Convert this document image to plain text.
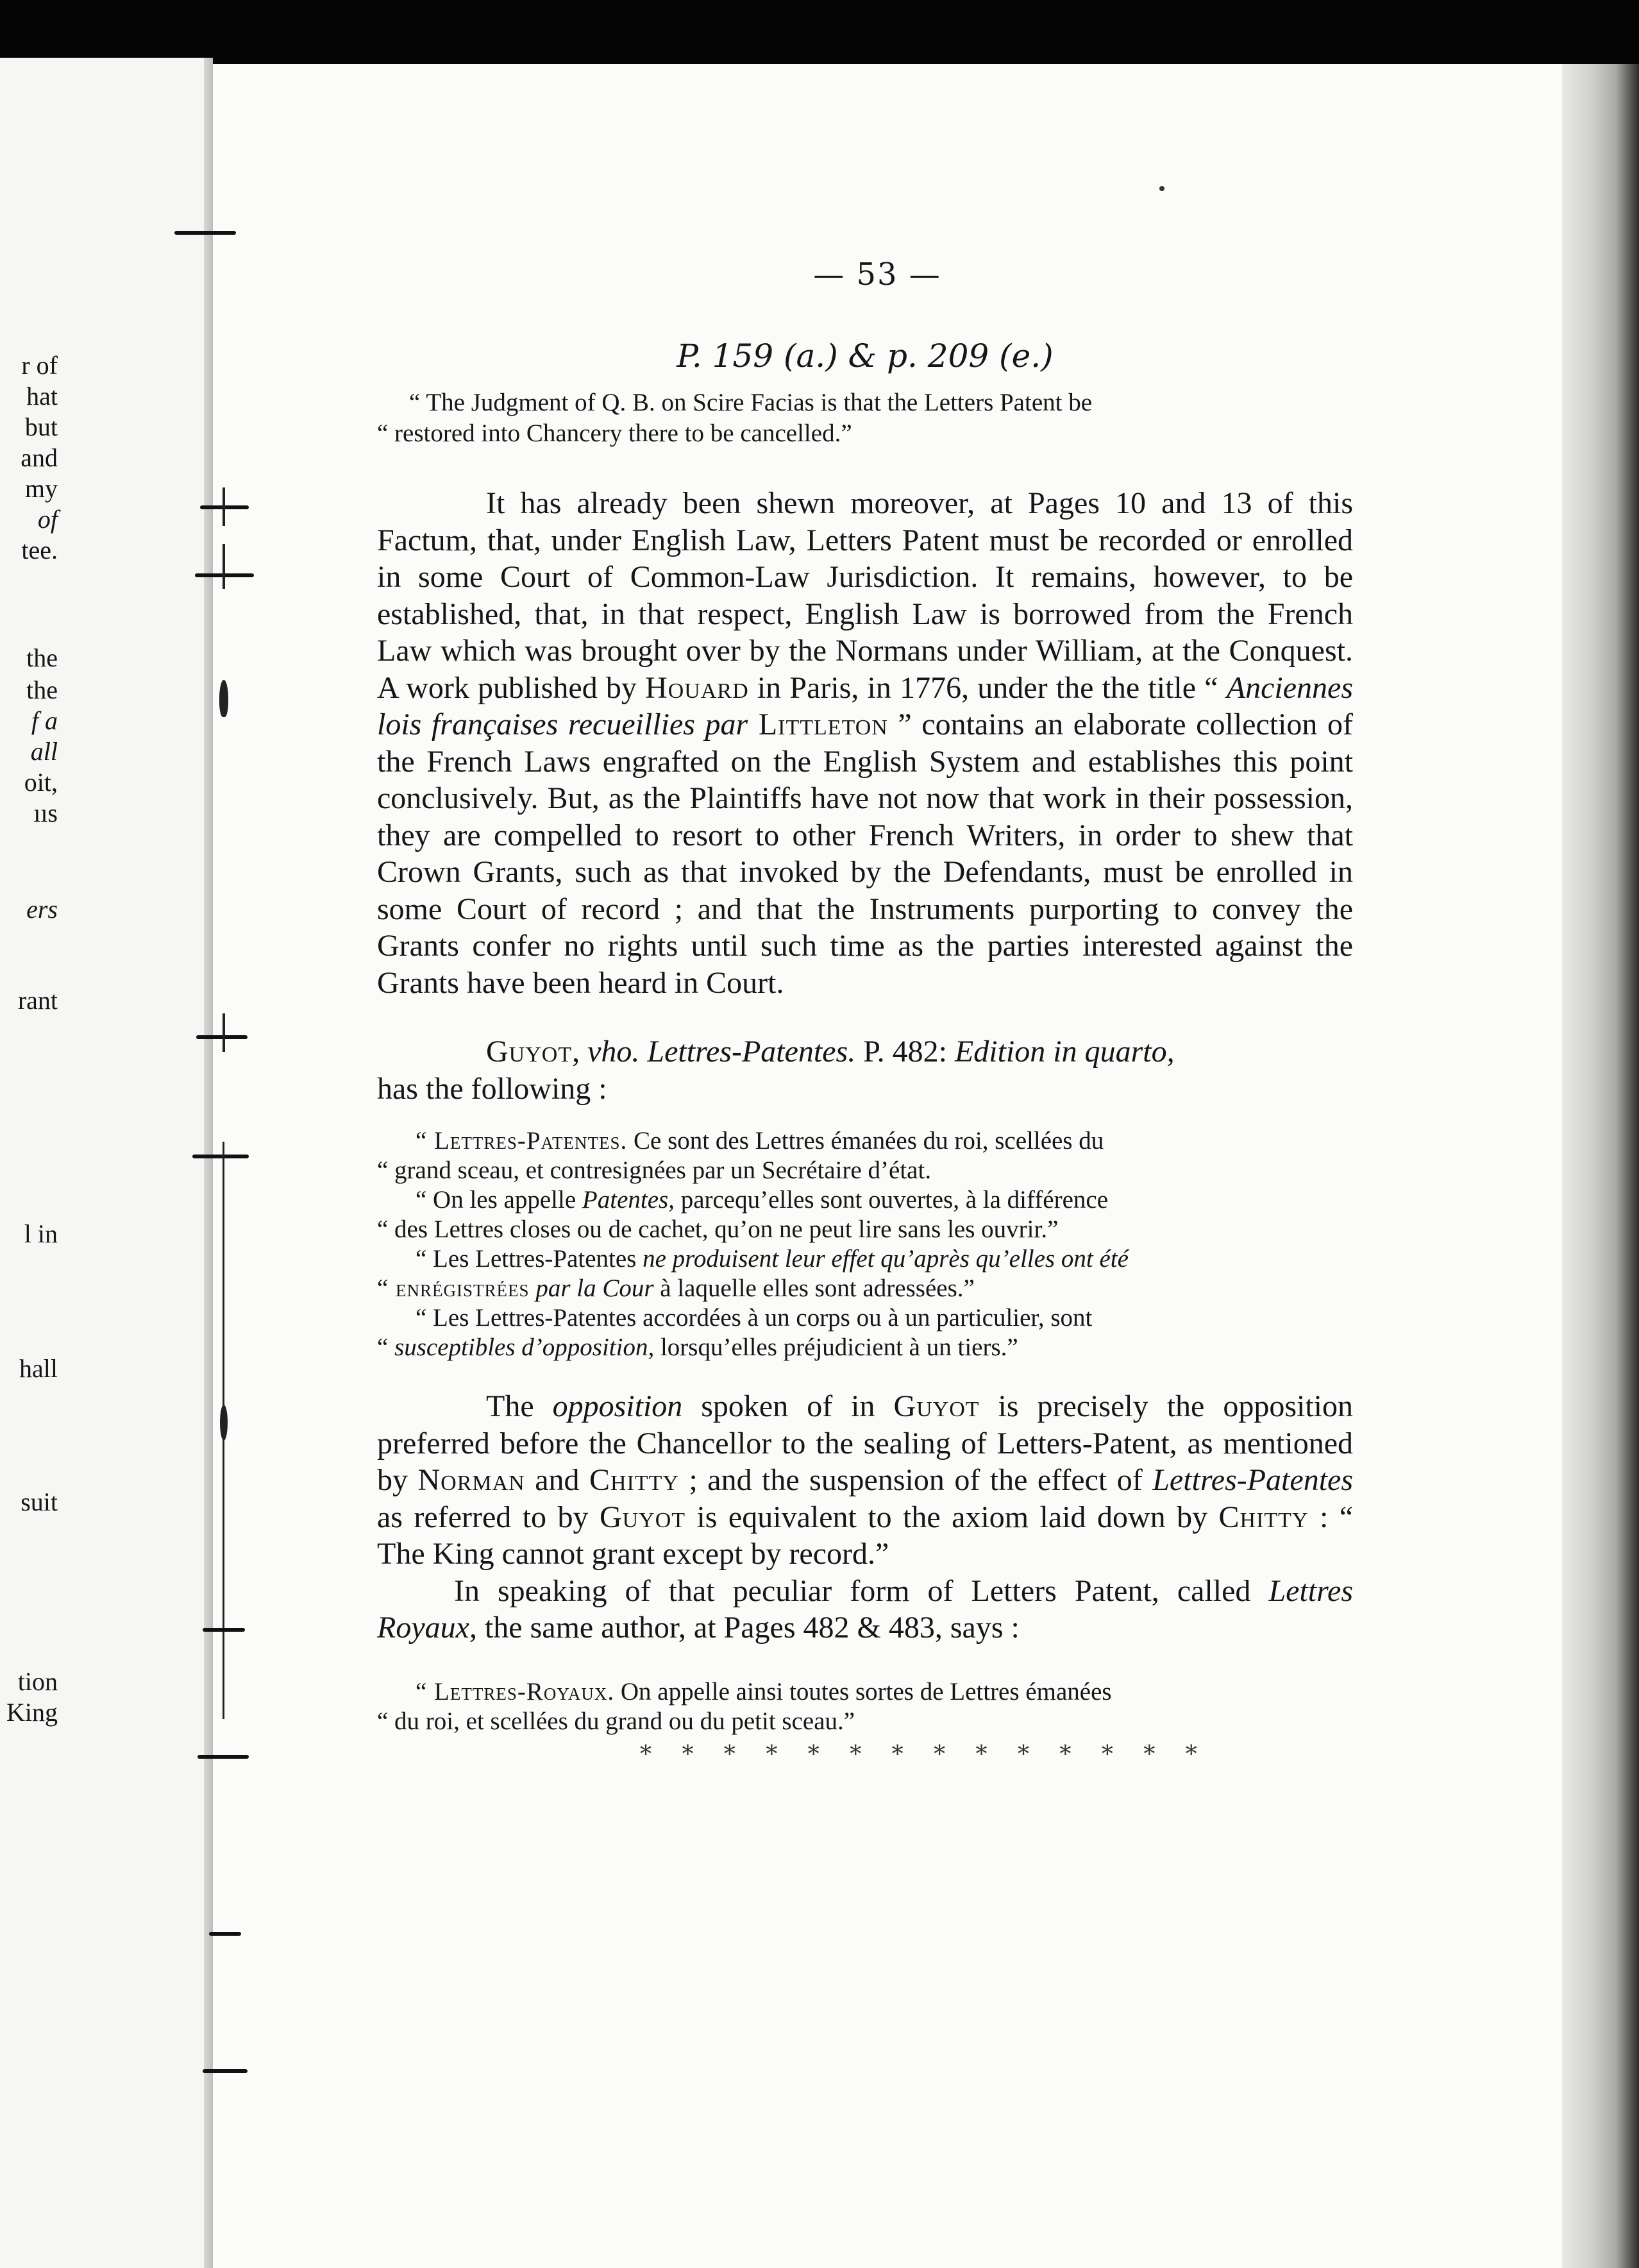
r of
hat
but
and
my
of
tee.
the
the
f a
all
oit,
ııs
ers
rant
l in
hall
suit
tion
King
— 53 —
P. 159 (a.) & p. 209 (e.)

“ The Judgment of Q. B. on Scire Facias is that the Letters Patent be

“ restored into Chancery there to be cancelled.”

It has already been shewn moreover, at Pages 10 and 13 of this Factum, that, under English Law, Letters Patent must be recorded or enrolled in some Court of Common-Law Jurisdiction. It remains, however, to be established, that, in that respect, English Law is borrowed from the French Law which was brought over by the Normans under William, at the Conquest. A work published by Houard in Paris, in 1776, under the the title “ Anciennes lois françaises recueillies par Littleton ” contains an elaborate collection of the French Laws engrafted on the English System and establishes this point conclusively. But, as the Plaintiffs have not now that work in their possession, they are compelled to resort to other French Writers, in order to shew that Crown Grants, such as that invoked by the Defendants, must be enrolled in some Court of record ; and that the Instruments purporting to convey the Grants confer no rights until such time as the parties interested against the Grants have been heard in Court.

Guyot, vho. Lettres-Patentes. P. 482: Edition in quarto,

has the following :

“ Lettres-Patentes. Ce sont des Lettres émanées du roi, scellées du

“ grand sceau, et contresignées par un Secrétaire d’état.

“ On les appelle Patentes, parcequ’elles sont ouvertes, à la différence

“ des Lettres closes ou de cachet, qu’on ne peut lire sans les ouvrir.”

“ Les Lettres-Patentes ne produisent leur effet qu’après qu’elles ont été

“ enrégistrées par la Cour à laquelle elles sont adressées.”

“ Les Lettres-Patentes accordées à un corps ou à un particulier, sont

“ susceptibles d’opposition, lorsqu’elles préjudicient à un tiers.”

The opposition spoken of in Guyot is precisely the opposition preferred before the Chancellor to the sealing of Letters-Patent, as mentioned by Norman and Chitty ; and the suspension of the effect of Lettres-Patentes as referred to by Guyot is equivalent to the axiom laid down by Chitty : “ The King cannot grant except by record.”

In speaking of that peculiar form of Letters Patent, called Lettres Royaux, the same author, at Pages 482 & 483, says :

“ Lettres-Royaux. On appelle ainsi toutes sortes de Lettres émanées

“ du roi, et scellées du grand ou du petit sceau.”

* * * * * * * * * * * * * *
